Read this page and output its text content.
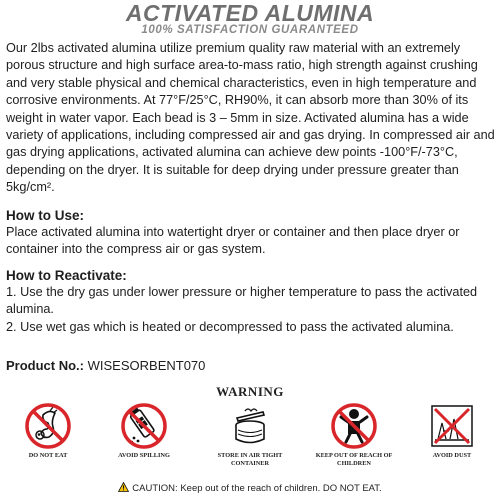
ACTIVATED ALUMINA
100% SATISFACTION GUARANTEED

Our 2lbs activated alumina utilize premium quality raw material with an extremely porous structure and high surface area-to-mass ratio, high strength against crushing and very stable physical and chemical characteristics, even in high temperature and corrosive environments. At 77°F/25°C, RH90%, it can absorb more than 30% of its weight in water vapor. Each bead is 3 – 5mm in size. Activated alumina has a wide variety of applications, including compressed air and gas drying. In compressed air and gas drying applications, activated alumina can achieve dew points -100°F/-73°C, depending on the dryer. It is suitable for deep drying under pressure greater than 5kg/cm².

How to Use:

Place activated alumina into watertight dryer or container and then place dryer or container into the compress air or gas system.

How to Reactivate:

1. Use the dry gas under lower pressure or higher temperature to pass the activated alumina.

2. Use wet gas which is heated or decompressed to pass the activated alumina.

Product No.: WISESORBENT070
WARNING
DO NOT EAT	AVOID SPILLING	STORE IN AIR TIGHT CONTAINER
KEEP OUT OF REACH OF CHILDREN
AVOID DUST
CAUTION: Keep out of the reach of children. DO NOT EAT.
